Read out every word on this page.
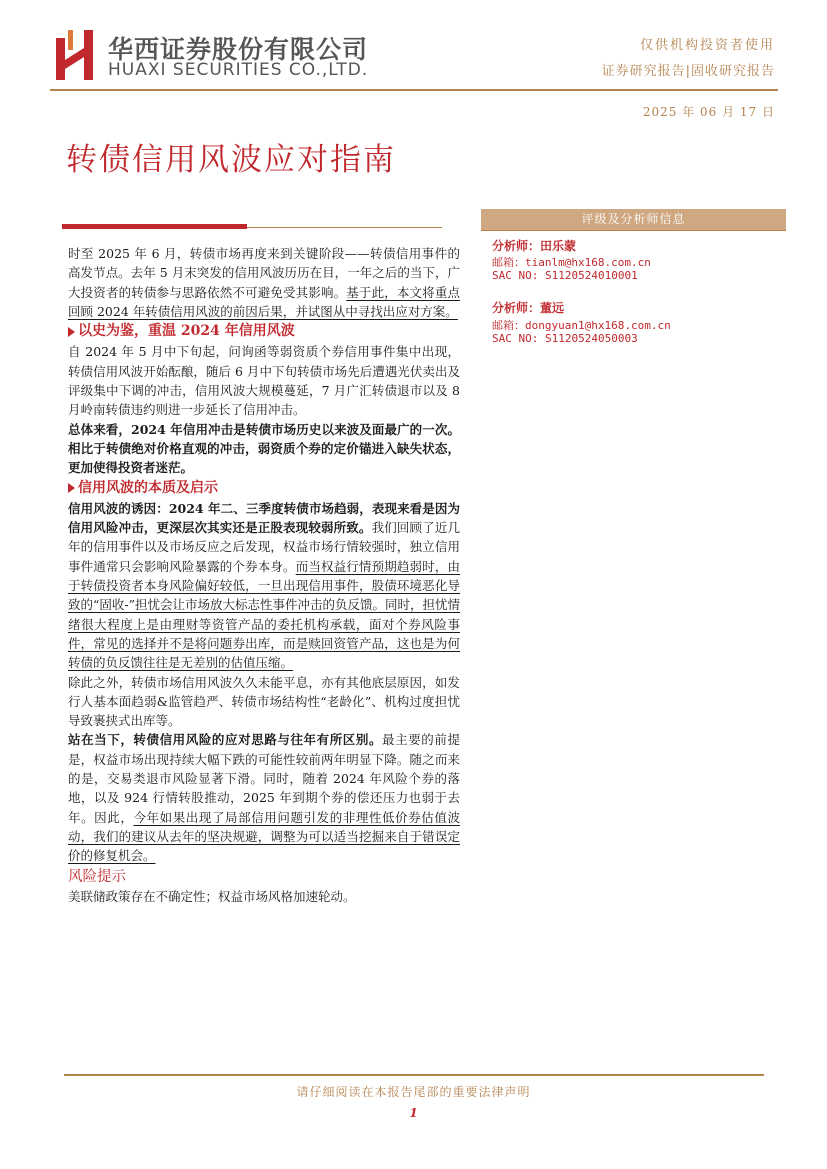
华西证券股份有限公司
HUAXI SECURITIES CO.,LTD.
仅供机构投资者使用
证券研究报告|固收研究报告
2025 年 06 月 17 日
转债信用风波应对指南
评级及分析师信息
分析师：田乐蒙
邮箱：tianlm@hx168.com.cn
SAC NO: S1120524010001
分析师：董远
邮箱：dongyuan1@hx168.com.cn
SAC NO: S1120524050003

时至 2025 年 6 月，转债市场再度来到关键阶段——转债信用事件的高发节点。去年 5 月末突发的信用风波历历在目，一年之后的当下，广大投资者的转债参与思路依然不可避免受其影响。基于此，本文将重点回顾 2024 年转债信用风波的前因后果，并试图从中寻找出应对方案。

以史为鉴，重温 2024 年信用风波

自 2024 年 5 月中下旬起，问询函等弱资质个券信用事件集中出现，转债信用风波开始酝酿，随后 6 月中下旬转债市场先后遭遇光伏卖出及评级集中下调的冲击，信用风波大规模蔓延，7 月广汇转债退市以及 8 月岭南转债违约则进一步延长了信用冲击。

总体来看，2024 年信用冲击是转债市场历史以来波及面最广的一次。相比于转债绝对价格直观的冲击，弱资质个券的定价锚进入缺失状态，更加使得投资者迷茫。

信用风波的本质及启示

信用风波的诱因：2024 年二、三季度转债市场趋弱，表现来看是因为信用风险冲击，更深层次其实还是正股表现较弱所致。我们回顾了近几年的信用事件以及市场反应之后发现，权益市场行情较强时，独立信用事件通常只会影响风险暴露的个券本身。而当权益行情预期趋弱时，由于转债投资者本身风险偏好较低，一旦出现信用事件，股债环境恶化导致的“固收-”担忧会让市场放大标志性事件冲击的负反馈。同时，担忧情绪很大程度上是由理财等资管产品的委托机构承载，面对个券风险事件，常见的选择并不是将问题券出库，而是赎回资管产品，这也是为何转债的负反馈往往是无差别的估值压缩。

除此之外，转债市场信用风波久久未能平息，亦有其他底层原因，如发行人基本面趋弱&监管趋严、转债市场结构性“老龄化”、机构过度担忧导致裹挟式出库等。

站在当下，转债信用风险的应对思路与往年有所区别。最主要的前提是，权益市场出现持续大幅下跌的可能性较前两年明显下降。随之而来的是，交易类退市风险显著下滑。同时，随着 2024 年风险个券的落地，以及 924 行情转股推动，2025 年到期个券的偿还压力也弱于去年。因此，今年如果出现了局部信用问题引发的非理性低价券估值波动，我们的建议从去年的坚决规避，调整为可以适当挖掘来自于错误定价的修复机会。

风险提示

美联储政策存在不确定性；权益市场风格加速轮动。

请仔细阅读在本报告尾部的重要法律声明
1
